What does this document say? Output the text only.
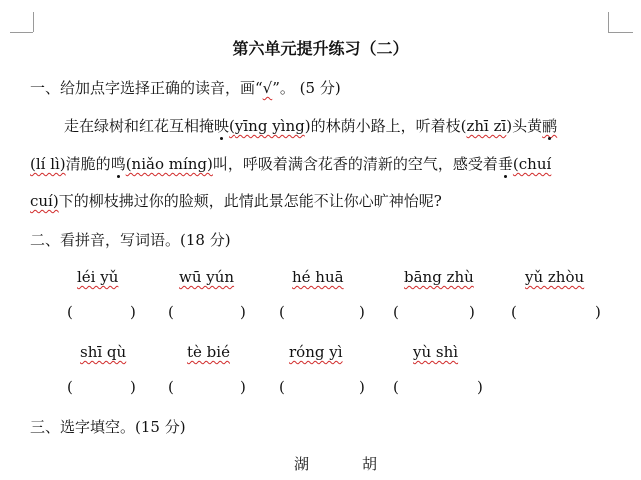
第六单元提升练习（二）
一、给加点字选择正确的读音，画“√”。 (5 分)
走在绿树和红花互相掩映(yīng yìng)的林荫小路上，听着枝(zhī zī)头黄鹂
(lí lì)清脆的鸣(niǎo míng)叫，呼吸着满含花香的清新的空气，感受着垂(chuí
cuí)下的柳枝拂过你的脸颊，此情此景怎能不让你心旷神怡呢?
二、看拼音，写词语。(18 分)
léi yǔ
(	)
wū yún
(	)
hé huā
(	)
bāng zhù
(	)
yǔ zhòu
(	)
shī qù
(	)
tè bié
(	)
róng yì
(	)
yù shì
(	)
三、选字填空。(15 分)
湖	胡
